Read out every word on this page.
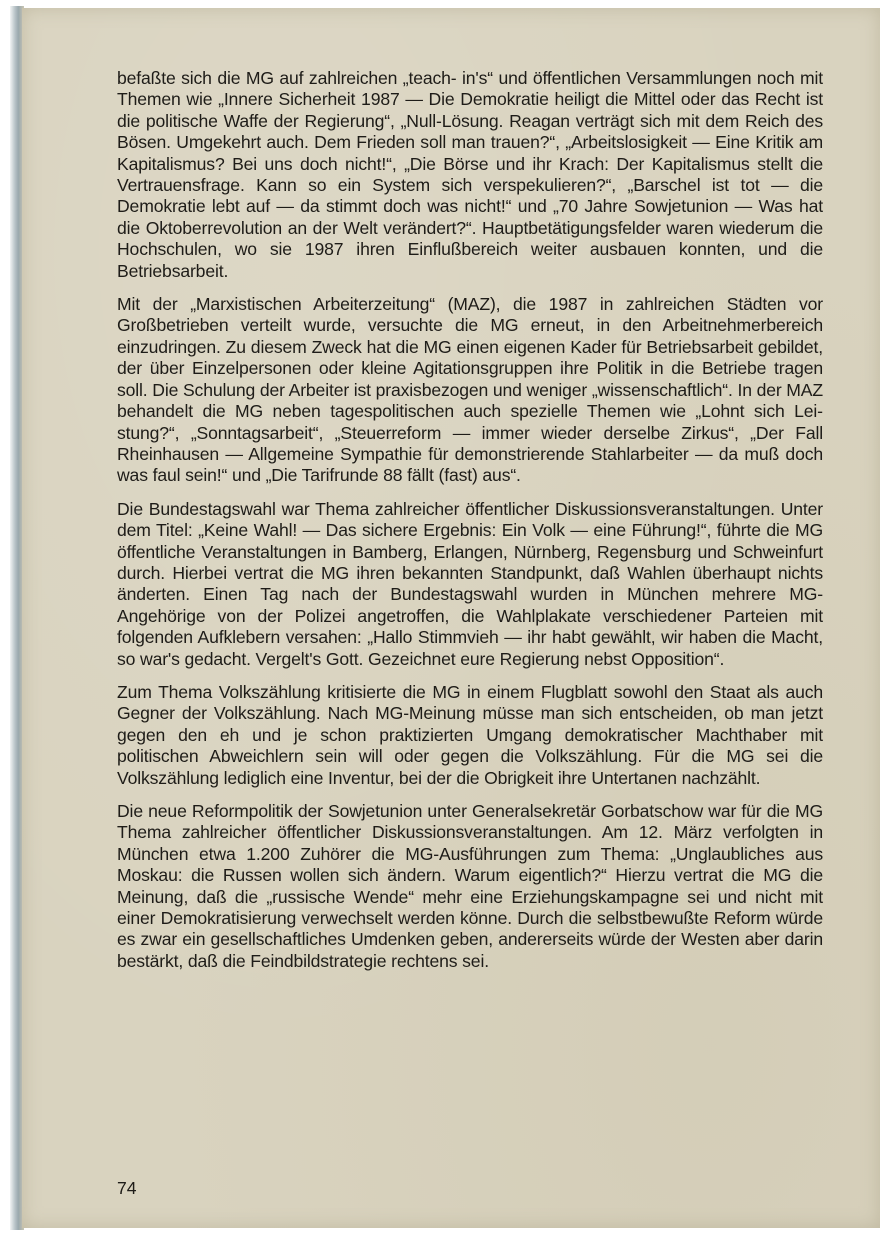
befaßte sich die MG auf zahlreichen „teach- in's“ und öffentlichen Versammlungen noch mit Themen wie „Innere Sicherheit 1987 — Die Demokratie heiligt die Mittel oder das Recht ist die politische Waffe der Regierung“, „Null-Lösung. Reagan verträgt sich mit dem Reich des Bösen. Umgekehrt auch. Dem Frieden soll man trauen?“, „Arbeitslosigkeit — Eine Kritik am Kapitalismus? Bei uns doch nicht!“, „Die Börse und ihr Krach: Der Kapitalismus stellt die Vertrauensfrage. Kann so ein System sich verspekulieren?“, „Barschel ist tot — die Demokratie lebt auf — da stimmt doch was nicht!“ und „70 Jahre Sowjetunion — Was hat die Oktoberrevolution an der Welt verändert?“. Hauptbetätigungsfelder waren wiederum die Hochschulen, wo sie 1987 ihren Einflußbereich weiter ausbauen konnten, und die Betriebsarbeit.

Mit der „Marxistischen Arbeiterzeitung“ (MAZ), die 1987 in zahlreichen Städten vor Großbetrieben verteilt wurde, versuchte die MG erneut, in den Arbeitnehmerbereich einzudringen. Zu diesem Zweck hat die MG einen eigenen Kader für Betriebsarbeit gebildet, der über Einzelpersonen oder kleine Agitationsgruppen ihre Politik in die Betriebe tragen soll. Die Schulung der Arbeiter ist praxisbezogen und weniger „wissenschaftlich“. In der MAZ behandelt die MG neben tagespolitischen auch spezielle Themen wie „Lohnt sich Leistung?“, „Sonntagsarbeit“, „Steuerreform — immer wieder derselbe Zirkus“, „Der Fall Rheinhausen — Allgemeine Sympathie für demonstrierende Stahlarbeiter — da muß doch was faul sein!“ und „Die Tarifrunde 88 fällt (fast) aus“.

Die Bundestagswahl war Thema zahlreicher öffentlicher Diskussionsveranstaltungen. Unter dem Titel: „Keine Wahl! — Das sichere Ergebnis: Ein Volk — eine Führung!“, führte die MG öffentliche Veranstaltungen in Bamberg, Erlangen, Nürnberg, Regensburg und Schweinfurt durch. Hierbei vertrat die MG ihren bekannten Standpunkt, daß Wahlen überhaupt nichts änderten. Einen Tag nach der Bundestagswahl wurden in München mehrere MG-Angehörige von der Polizei angetroffen, die Wahlplakate verschiedener Parteien mit folgenden Aufklebern versahen: „Hallo Stimmvieh — ihr habt gewählt, wir haben die Macht, so war's gedacht. Vergelt's Gott. Gezeichnet eure Regierung nebst Opposition“.

Zum Thema Volkszählung kritisierte die MG in einem Flugblatt sowohl den Staat als auch Gegner der Volkszählung. Nach MG-Meinung müsse man sich entscheiden, ob man jetzt gegen den eh und je schon praktizierten Umgang demokratischer Machthaber mit politischen Abweichlern sein will oder gegen die Volkszählung. Für die MG sei die Volkszählung lediglich eine Inventur, bei der die Obrigkeit ihre Untertanen nachzählt.

Die neue Reformpolitik der Sowjetunion unter Generalsekretär Gorbatschow war für die MG Thema zahlreicher öffentlicher Diskussionsveranstaltungen. Am 12. März verfolgten in München etwa 1.200 Zuhörer die MG-Ausführungen zum Thema: „Unglaubliches aus Moskau: die Russen wollen sich ändern. Warum eigentlich?“ Hierzu vertrat die MG die Meinung, daß die „russische Wende“ mehr eine Erziehungskampagne sei und nicht mit einer Demokratisierung verwechselt werden könne. Durch die selbstbewußte Reform würde es zwar ein gesellschaftliches Umdenken geben, andererseits würde der Westen aber darin bestärkt, daß die Feindbildstrategie rechtens sei.

74
